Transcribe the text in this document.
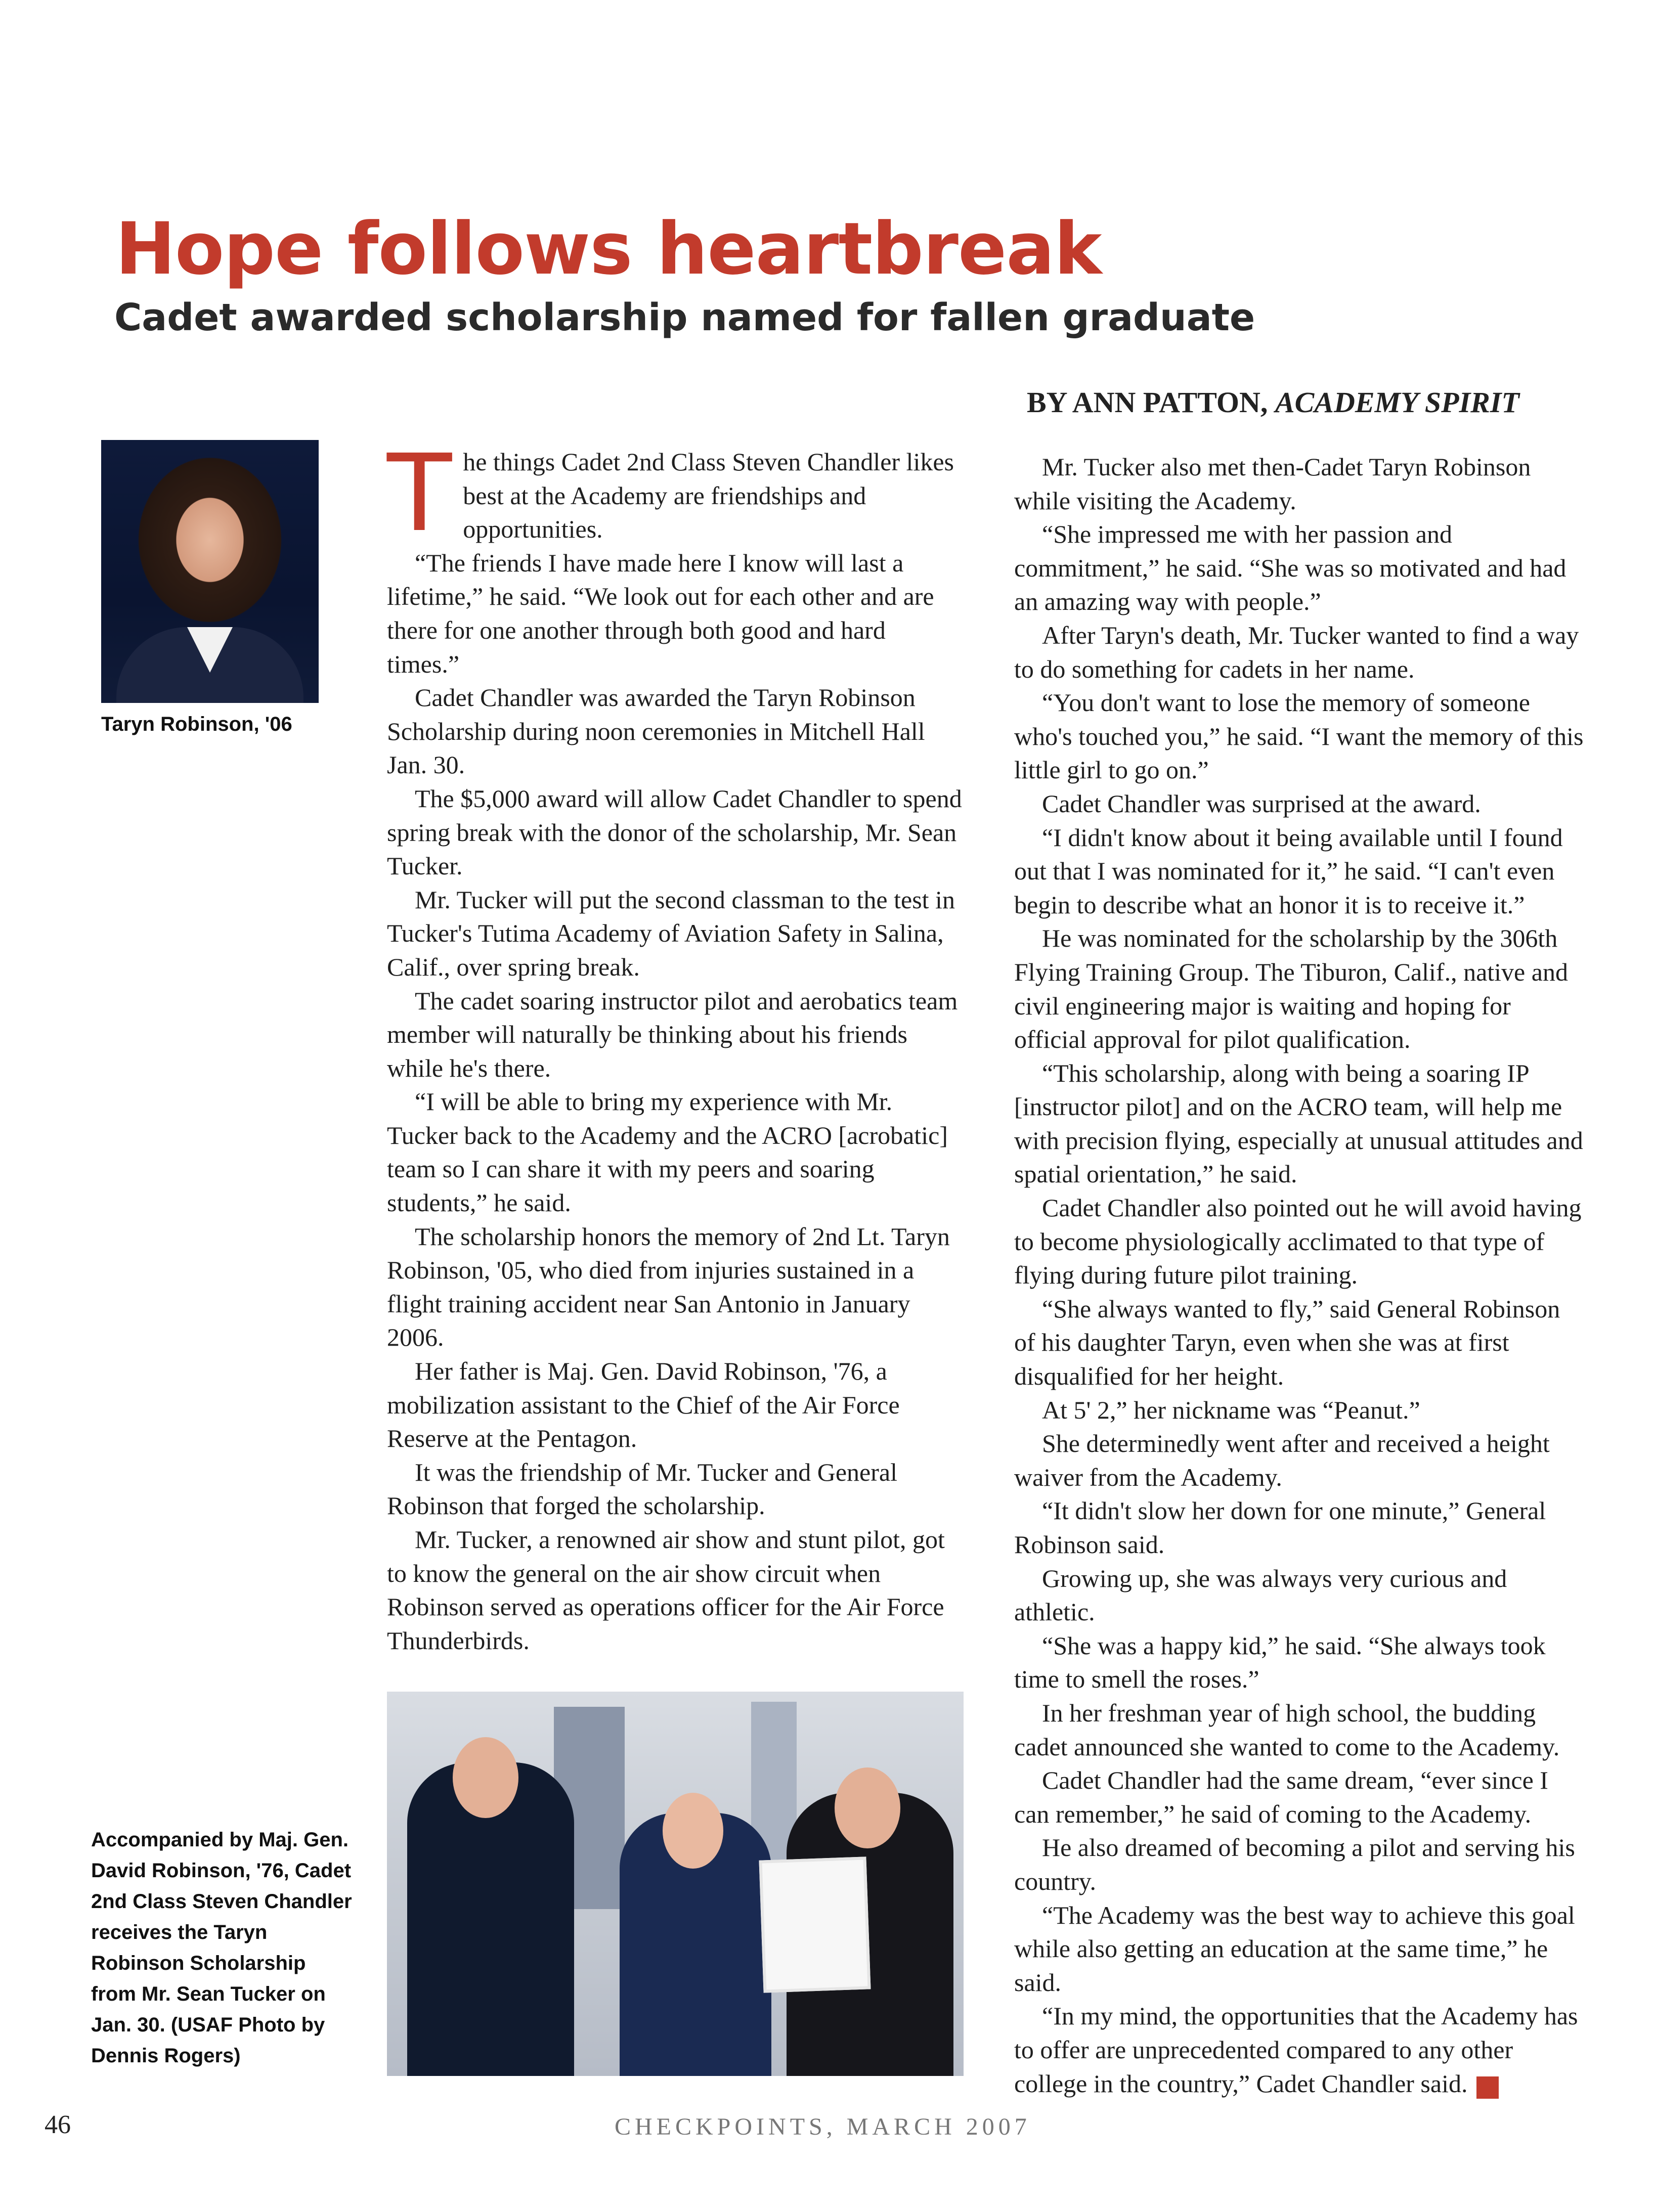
Hope follows heartbreak
Cadet awarded scholarship named for fallen graduate
BY ANN PATTON, ACADEMY SPIRIT
Taryn Robinson, '06

The things Cadet 2nd Class Steven Chandler likes best at the Academy are friendships and opportunities.

“The friends I have made here I know will last a lifetime,” he said. “We look out for each other and are there for one another through both good and hard times.”

Cadet Chandler was awarded the Taryn Robinson Scholarship during noon ceremonies in Mitchell Hall Jan. 30.

The $5,000 award will allow Cadet Chandler to spend spring break with the donor of the scholarship, Mr. Sean Tucker.

Mr. Tucker will put the second classman to the test in Tucker's Tutima Academy of Aviation Safety in Salina, Calif., over spring break.

The cadet soaring instructor pilot and aerobatics team member will naturally be thinking about his friends while he's there.

“I will be able to bring my experience with Mr. Tucker back to the Academy and the ACRO [acrobatic] team so I can share it with my peers and soaring students,” he said.

The scholarship honors the memory of 2nd Lt. Taryn Robinson, '05, who died from injuries sustained in a flight training accident near San Antonio in January 2006.

Her father is Maj. Gen. David Robinson, '76, a mobilization assistant to the Chief of the Air Force Reserve at the Pentagon.

It was the friendship of Mr. Tucker and General Robinson that forged the scholarship.

Mr. Tucker, a renowned air show and stunt pilot, got to know the general on the air show circuit when Robinson served as operations officer for the Air Force Thunderbirds.

Accompanied by Maj. Gen. David Robinson, '76, Cadet 2nd Class Steven Chandler receives the Taryn Robinson Scholarship from Mr. Sean Tucker on Jan. 30. (USAF Photo by Dennis Rogers)

Mr. Tucker also met then-Cadet Taryn Robinson while visiting the Academy.

“She impressed me with her passion and commitment,” he said. “She was so motivated and had an amazing way with people.”

After Taryn's death, Mr. Tucker wanted to find a way to do something for cadets in her name.

“You don't want to lose the memory of someone who's touched you,” he said. “I want the memory of this little girl to go on.”

Cadet Chandler was surprised at the award.

“I didn't know about it being available until I found out that I was nominated for it,” he said. “I can't even begin to describe what an honor it is to receive it.”

He was nominated for the scholarship by the 306th Flying Training Group. The Tiburon, Calif., native and civil engineering major is waiting and hoping for official approval for pilot qualification.

“This scholarship, along with being a soaring IP [instructor pilot] and on the ACRO team, will help me with precision flying, especially at unusual attitudes and spatial orientation,” he said.

Cadet Chandler also pointed out he will avoid having to become physiologically acclimated to that type of flying during future pilot training.

“She always wanted to fly,” said General Robinson of his daughter Taryn, even when she was at first disqualified for her height.

At 5' 2,” her nickname was “Peanut.”

She determinedly went after and received a height waiver from the Academy.

“It didn't slow her down for one minute,” General Robinson said.

Growing up, she was always very curious and athletic.

“She was a happy kid,” he said. “She always took time to smell the roses.”

In her freshman year of high school, the budding cadet announced she wanted to come to the Academy.

Cadet Chandler had the same dream, “ever since I can remember,” he said of coming to the Academy.

He also dreamed of becoming a pilot and serving his country.

“The Academy was the best way to achieve this goal while also getting an education at the same time,” he said.

“In my mind, the opportunities that the Academy has to offer are unprecedented compared to any other college in the country,” Cadet Chandler said. ✓

46	CHECKPOINTS, MARCH 2007
